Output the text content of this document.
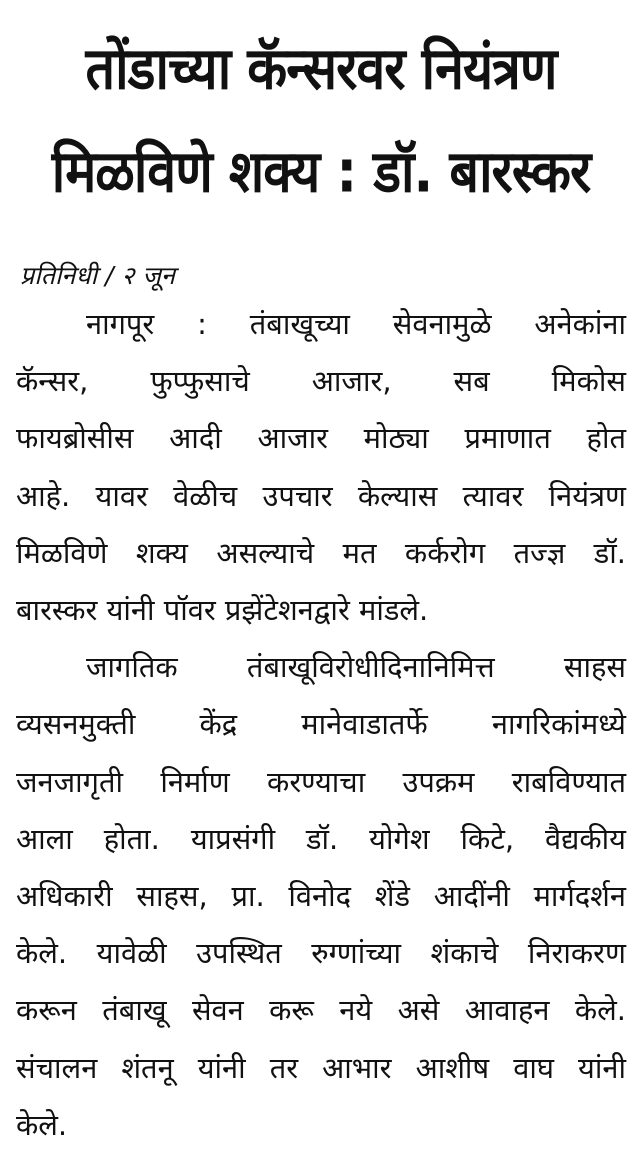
तोंडाच्या कॅन्सरवर नियंत्रण
मिळविणे शक्य : डॉ. बारस्कर
प्रतिनिधी / २ जून

नागपूर : तंबाखूच्या सेवनामुळे अनेकांना
कॅन्सर, फुप्फुसाचे आजार, सब मिकोस
फायब्रोसीस आदी आजार मोठ्या प्रमाणात होत
आहे. यावर वेळीच उपचार केल्यास त्यावर नियंत्रण
मिळविणे शक्य असल्याचे मत कर्करोग तज्ज्ञ डॉ.
बारस्कर यांनी पॉवर प्रझेंटेशनद्वारे मांडले.

जागतिक तंबाखूविरोधीदिनानिमित्त साहस
व्यसनमुक्ती केंद्र मानेवाडातर्फे नागरिकांमध्ये
जनजागृती निर्माण करण्याचा उपक्रम राबविण्यात
आला होता. याप्रसंगी डॉ. योगेश किटे, वैद्यकीय
अधिकारी साहस, प्रा. विनोद शेंडे आदींनी मार्गदर्शन
केले. यावेळी उपस्थित रुग्णांच्या शंकाचे निराकरण
करून तंबाखू सेवन करू नये असे आवाहन केले.
संचालन शंतनू यांनी तर आभार आशीष वाघ यांनी
केले.
